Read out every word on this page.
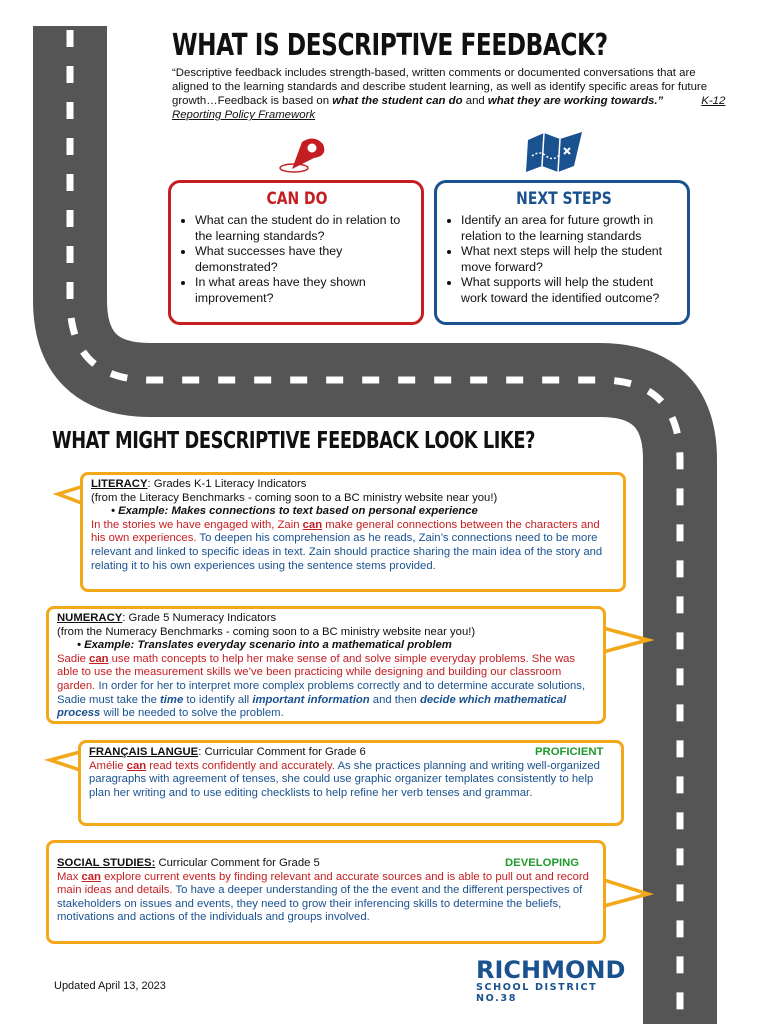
WHAT IS DESCRIPTIVE FEEDBACK?
“Descriptive feedback includes strength-based, written comments or documented conversations that are aligned to the learning standards and describe student learning, as well as identify specific areas for future growth…Feedback is based on what the student can do and what they are working towards.”	K-12 Reporting Policy Framework
CAN DO
• What can the student do in relation to the learning standards?
• What successes have they demonstrated?
• In what areas have they shown improvement?
NEXT STEPS
• Identify an area for future growth in relation to the learning standards
• What next steps will help the student move forward?
• What supports will help the student work toward the identified outcome?
WHAT MIGHT DESCRIPTIVE FEEDBACK LOOK LIKE?
LITERACY: Grades K-1 Literacy Indicators
(from the Literacy Benchmarks - coming soon to a BC ministry website near you!)
• Example: Makes connections to text based on personal experience
In the stories we have engaged with, Zain can make general connections between the characters and his own experiences. To deepen his comprehension as he reads, Zain’s connections need to be more relevant and linked to specific ideas in text. Zain should practice sharing the main idea of the story and relating it to his own experiences using the sentence stems provided.
NUMERACY: Grade 5 Numeracy Indicators
(from the Numeracy Benchmarks - coming soon to a BC ministry website near you!)
• Example: Translates everyday scenario into a mathematical problem
Sadie can use math concepts to help her make sense of and solve simple everyday problems. She was able to use the measurement skills we’ve been practicing while designing and building our classroom garden. In order for her to interpret more complex problems correctly and to determine accurate solutions, Sadie must take the time to identify all important information and then decide which mathematical process will be needed to solve the problem.
FRANÇAIS LANGUE: Curricular Comment for Grade 6	PROFICIENT
Amélie can read texts confidently and accurately. As she practices planning and writing well-organized paragraphs with agreement of tenses, she could use graphic organizer templates consistently to help plan her writing and to use editing checklists to help refine her verb tenses and grammar.
SOCIAL STUDIES: Curricular Comment for Grade 5	DEVELOPING
Max can explore current events by finding relevant and accurate sources and is able to pull out and record main ideas and details. To have a deeper understanding of the the event and the different perspectives of stakeholders on issues and events, they need to grow their inferencing skills to determine the beliefs, motivations and actions of the individuals and groups involved.
Updated April 13, 2023
RICHMOND
SCHOOL DISTRICT NO.38
